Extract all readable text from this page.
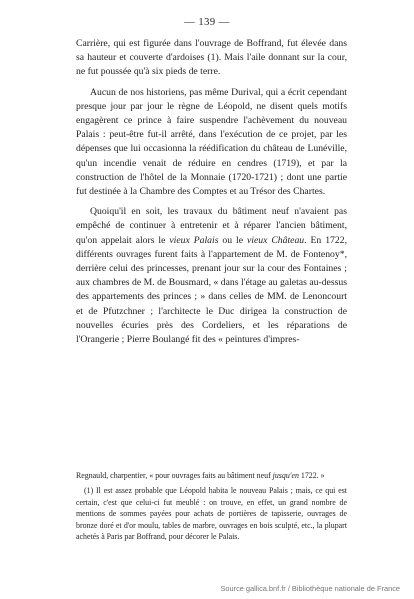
— 139 —

Carrière, qui est figurée dans l'ouvrage de Boffrand, fut élevée dans sa hauteur et couverte d'ardoises (1). Mais l'aile donnant sur la cour, ne fut poussée qu'à six pieds de terre.

Aucun de nos historiens, pas même Durival, qui a écrit cependant presque jour par jour le règne de Léopold, ne disent quels motifs engagèrent ce prince à faire suspendre l'achèvement du nouveau Palais : peut-être fut-il arrêté, dans l'exécution de ce projet, par les dépenses que lui occasionna la réédification du château de Lunéville, qu'un incendie venait de réduire en cendres (1719), et par la construction de l'hôtel de la Monnaie (1720-1721) ; dont une partie fut destinée à la Chambre des Comptes et au Trésor des Chartes.

Quoiqu'il en soit, les travaux du bâtiment neuf n'avaient pas empêché de continuer à entretenir et à réparer l'ancien bâtiment, qu'on appelait alors le vieux Palais ou le vieux Château. En 1722, différents ouvrages furent faits à l'appartement de M. de Fontenoy*, derrière celui des princesses, prenant jour sur la cour des Fontaines ; aux chambres de M. de Bousmard, « dans l'étage au galetas au-dessus des appartements des princes ; » dans celles de MM. de Lenoncourt et de Pfutzchner ; l'architecte le Duc dirigea la construction de nouvelles écuries près des Cordeliers, et les réparations de l'Orangerie ; Pierre Boulangé fit des « peintures d'impres-

Regnauld, charpentier, « pour ouvrages faits au bâtiment neuf jusqu'en 1722. »

(1) Il est assez probable que Léopold habita le nouveau Palais ; mais, ce qui est certain, c'est que celui-ci fut meublé : on trouve, en effet, un grand nombre de mentions de sommes payées pour achats de portières de tapisserie, ouvrages de bronze doré et d'or moulu, tables de marbre, ouvrages en bois sculpté, etc., la plupart achetés à Paris par Boffrand, pour décorer le Palais.

Source gallica.bnf.fr / Bibliothèque nationale de France
